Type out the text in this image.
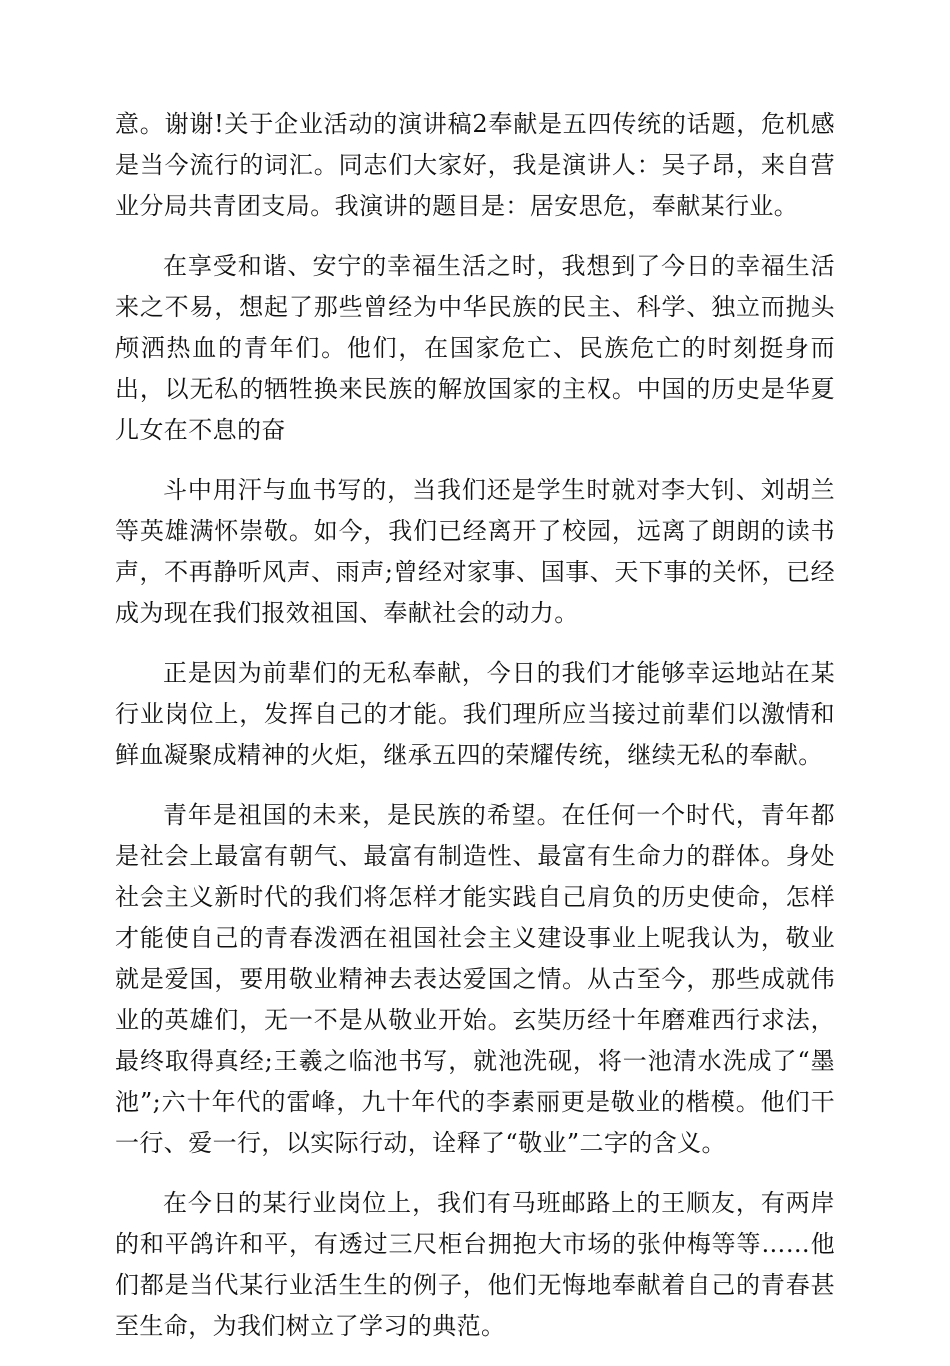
意。谢谢!关于企业活动的演讲稿2奉献是五四传统的话题，危机感是当今流行的词汇。同志们大家好，我是演讲人：吴子昂，来自营业分局共青团支局。我演讲的题目是：居安思危，奉献某行业。

在享受和谐、安宁的幸福生活之时，我想到了今日的幸福生活来之不易，想起了那些曾经为中华民族的民主、科学、独立而抛头颅洒热血的青年们。他们，在国家危亡、民族危亡的时刻挺身而出，以无私的牺牲换来民族的解放国家的主权。中国的历史是华夏儿女在不息的奋

斗中用汗与血书写的，当我们还是学生时就对李大钊、刘胡兰等英雄满怀崇敬。如今，我们已经离开了校园，远离了朗朗的读书声，不再静听风声、雨声;曾经对家事、国事、天下事的关怀，已经成为现在我们报效祖国、奉献社会的动力。

正是因为前辈们的无私奉献，今日的我们才能够幸运地站在某行业岗位上，发挥自己的才能。我们理所应当接过前辈们以激情和鲜血凝聚成精神的火炬，继承五四的荣耀传统，继续无私的奉献。

青年是祖国的未来，是民族的希望。在任何一个时代，青年都是社会上最富有朝气、最富有制造性、最富有生命力的群体。身处社会主义新时代的我们将怎样才能实践自己肩负的历史使命，怎样才能使自己的青春泼洒在祖国社会主义建设事业上呢我认为，敬业就是爱国，要用敬业精神去表达爱国之情。从古至今，那些成就伟业的英雄们，无一不是从敬业开始。玄奘历经十年磨难西行求法，最终取得真经;王羲之临池书写，就池洗砚，将一池清水洗成了“墨池”;六十年代的雷峰，九十年代的李素丽更是敬业的楷模。他们干一行、爱一行，以实际行动，诠释了“敬业”二字的含义。

在今日的某行业岗位上，我们有马班邮路上的王顺友，有两岸的和平鸽许和平，有透过三尺柜台拥抱大市场的张仲梅等等……他们都是当代某行业活生生的例子，他们无悔地奉献着自己的青春甚至生命，为我们树立了学习的典范。
